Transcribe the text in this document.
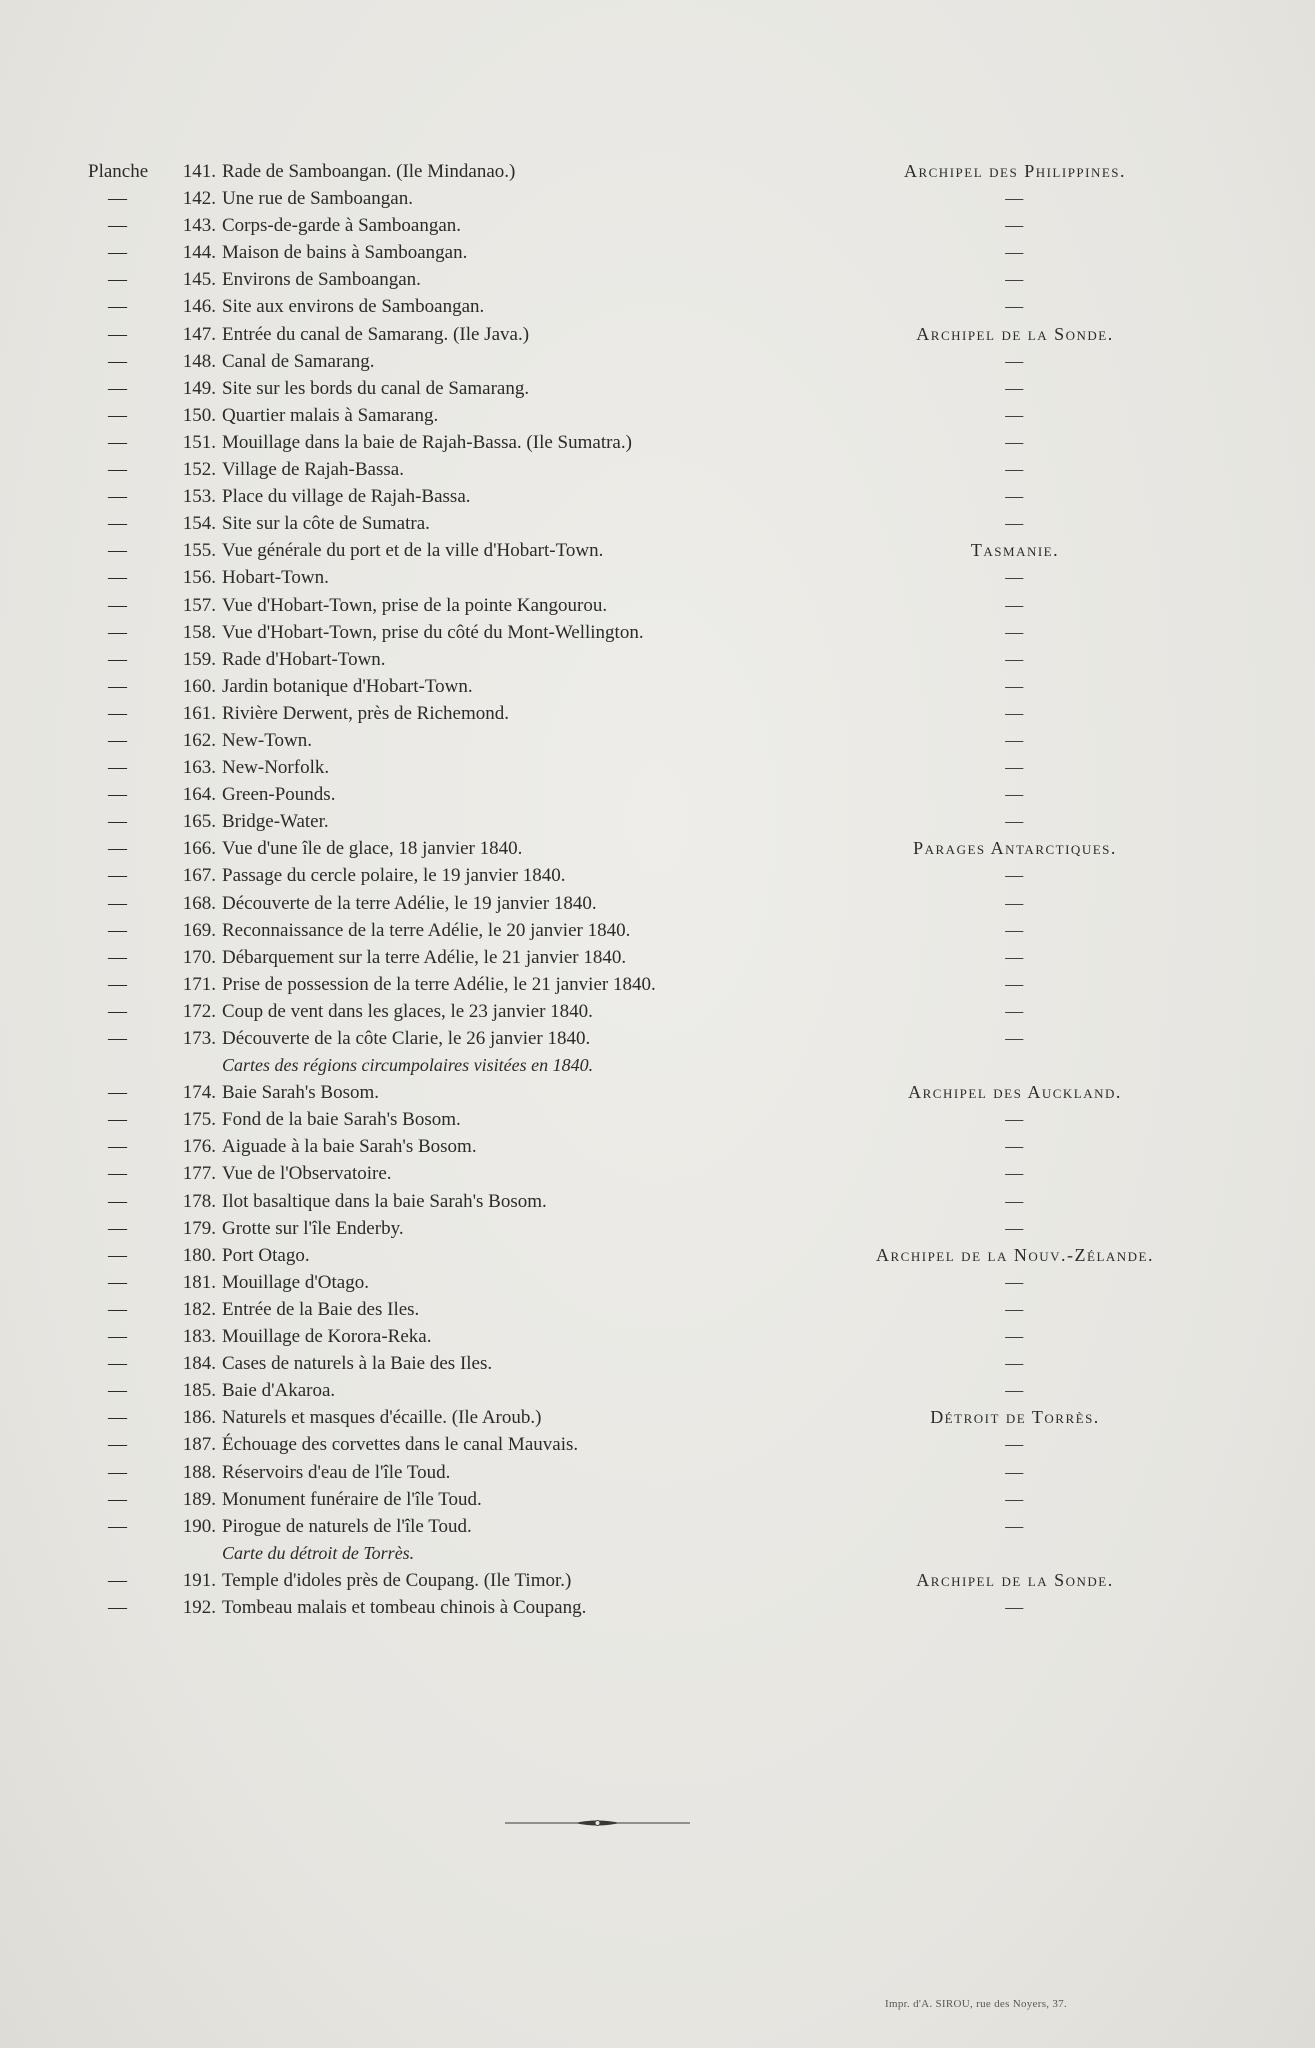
Planche	141. Rade de Samboangan. (Ile Mindanao.)	Archipel des Philippines.
—	142. Une rue de Samboangan.	—
—	143. Corps-de-garde à Samboangan.	—
—	144. Maison de bains à Samboangan.	—
—	145. Environs de Samboangan.	—
—	146. Site aux environs de Samboangan.	—
—	147. Entrée du canal de Samarang. (Ile Java.)	Archipel de la Sonde.
—	148. Canal de Samarang.	—
—	149. Site sur les bords du canal de Samarang.	—
—	150. Quartier malais à Samarang.	—
—	151. Mouillage dans la baie de Rajah-Bassa. (Ile Sumatra.)	—
—	152. Village de Rajah-Bassa.	—
—	153. Place du village de Rajah-Bassa.	—
—	154. Site sur la côte de Sumatra.	—
—	155. Vue générale du port et de la ville d'Hobart-Town.	Tasmanie.
—	156. Hobart-Town.	—
—	157. Vue d'Hobart-Town, prise de la pointe Kangourou.	—
—	158. Vue d'Hobart-Town, prise du côté du Mont-Wellington.	—
—	159. Rade d'Hobart-Town.	—
—	160. Jardin botanique d'Hobart-Town.	—
—	161. Rivière Derwent, près de Richemond.	—
—	162. New-Town.	—
—	163. New-Norfolk.	—
—	164. Green-Pounds.	—
—	165. Bridge-Water.	—
—	166. Vue d'une île de glace, 18 janvier 1840.	Parages Antarctiques.
—	167. Passage du cercle polaire, le 19 janvier 1840.	—
—	168. Découverte de la terre Adélie, le 19 janvier 1840.	—
—	169. Reconnaissance de la terre Adélie, le 20 janvier 1840.	—
—	170. Débarquement sur la terre Adélie, le 21 janvier 1840.	—
—	171. Prise de possession de la terre Adélie, le 21 janvier 1840.	—
—	172. Coup de vent dans les glaces, le 23 janvier 1840.	—
—	173. Découverte de la côte Clarie, le 26 janvier 1840.	—
Cartes des régions circumpolaires visitées en 1840.
—	174. Baie Sarah's Bosom.	Archipel des Auckland.
—	175. Fond de la baie Sarah's Bosom.	—
—	176. Aiguade à la baie Sarah's Bosom.	—
—	177. Vue de l'Observatoire.	—
—	178. Ilot basaltique dans la baie Sarah's Bosom.	—
—	179. Grotte sur l'île Enderby.	—
—	180. Port Otago.	Archipel de la Nouv.-Zélande.
—	181. Mouillage d'Otago.	—
—	182. Entrée de la Baie des Iles.	—
—	183. Mouillage de Korora-Reka.	—
—	184. Cases de naturels à la Baie des Iles.	—
—	185. Baie d'Akaroa.	—
—	186. Naturels et masques d'écaille. (Ile Aroub.)	Détroit de Torrès.
—	187. Échouage des corvettes dans le canal Mauvais.	—
—	188. Réservoirs d'eau de l'île Toud.	—
—	189. Monument funéraire de l'île Toud.	—
—	190. Pirogue de naturels de l'île Toud.	—
Carte du détroit de Torrès.
—	191. Temple d'idoles près de Coupang. (Ile Timor.)	Archipel de la Sonde.
—	192. Tombeau malais et tombeau chinois à Coupang.	—
Impr. d'A. SIROU, rue des Noyers, 37.
